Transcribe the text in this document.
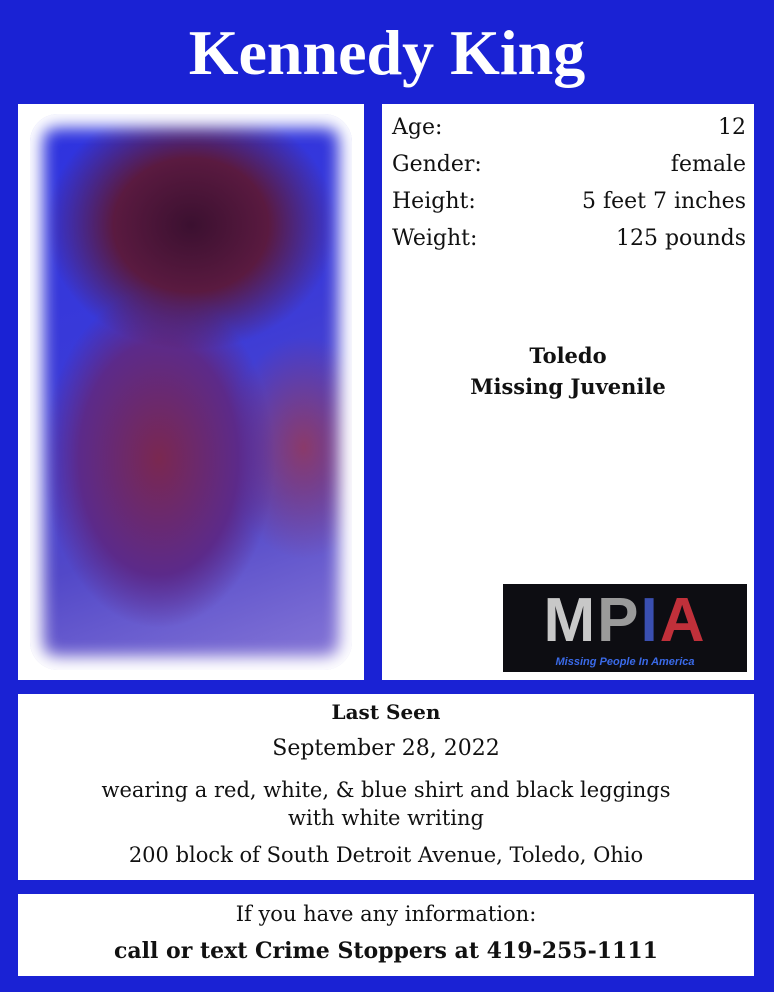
Kennedy King
Age:	12
Gender:	female
Height:	5 feet 7 inches
Weight:	125 pounds
Toledo
Missing Juvenile
MPIA
Missing People In America
Last Seen
September 28, 2022
wearing a red, white, & blue shirt and black leggings
with white writing
200 block of South Detroit Avenue, Toledo, Ohio
If you have any information:
call or text Crime Stoppers at 419-255-1111
